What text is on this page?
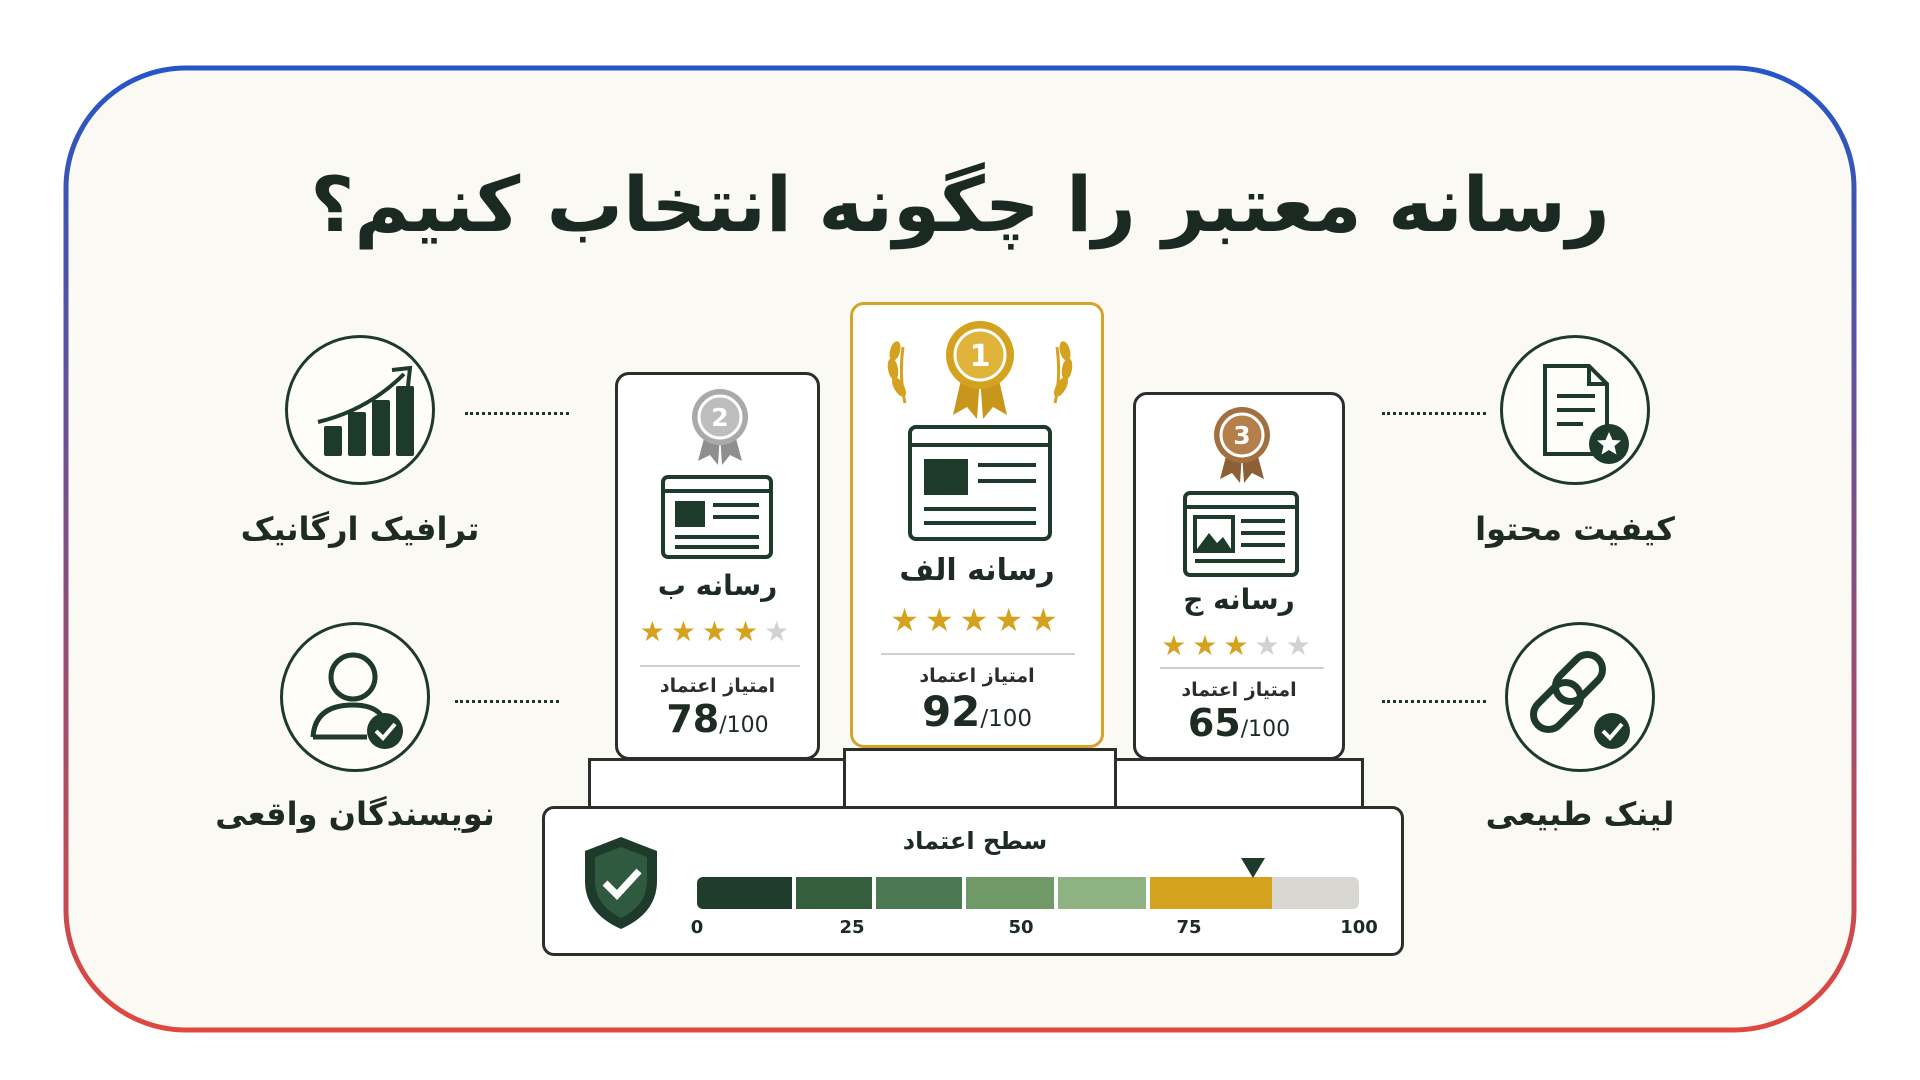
رسانه معتبر را چگونه انتخاب کنیم؟
ترافیک ارگانیک
نویسندگان واقعی
کیفیت محتوا
لینک طبیعی
2
رسانه ب
★★★★★
امتیاز اعتماد
78/100
1
رسانه الف
★★★★★
امتیاز اعتماد
92/100
3
رسانه ج
★★★★★
امتیاز اعتماد
65/100
سطح اعتماد
0	25	50	75	100
